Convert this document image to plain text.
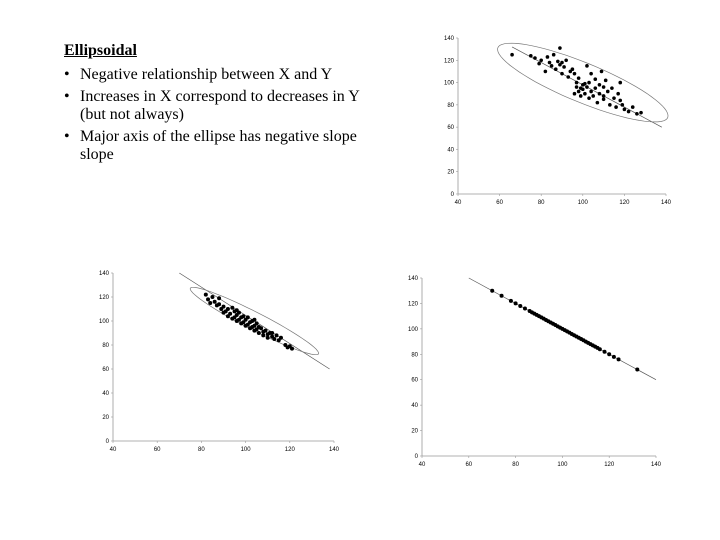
Ellipsoidal
• Negative relationship between X and Y
• Increases in X correspond to decreases in Y
(but not always)
• Major axis of the ellipse has negative slope
slope
0
20
40
60
80
100
120
140
40	60	80	100	120	140
0
20
40
60
80
100
120
140
40	60	80	100	120	140
0
20
40
60
80
100
120
140
40	60	80	100	120	140
